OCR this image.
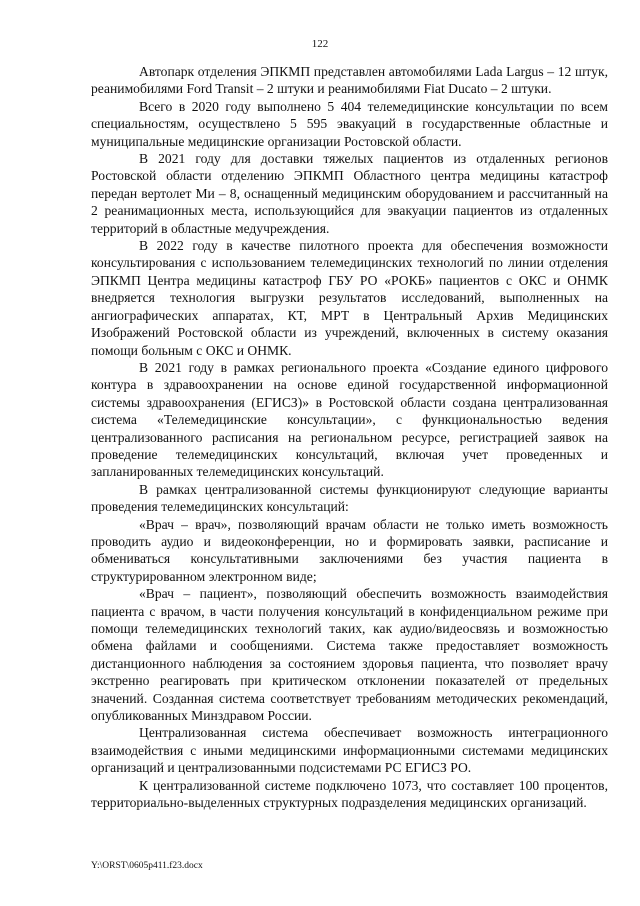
122

Автопарк отделения ЭПКМП представлен автомобилями Lada Largus – 12 штук, реанимобилями Ford Transit – 2 штуки и реанимобилями Fiat Ducato – 2 штуки.

Всего в 2020 году выполнено 5 404 телемедицинские консультации по всем специальностям, осуществлено 5 595 эвакуаций в государственные областные и муниципальные медицинские организации Ростовской области.

В 2021 году для доставки тяжелых пациентов из отдаленных регионов Ростовской области отделению ЭПКМП Областного центра медицины катастроф передан вертолет Ми – 8, оснащенный медицинским оборудованием и рассчитанный на 2 реанимационных места, использующийся для эвакуации пациентов из отдаленных территорий в областные медучреждения.

В 2022 году в качестве пилотного проекта для обеспечения возможности консультирования с использованием телемедицинских технологий по линии отделения ЭПКМП Центра медицины катастроф ГБУ РО «РОКБ» пациентов с ОКС и ОНМК внедряется технология выгрузки результатов исследований, выполненных на ангиографических аппаратах, КТ, МРТ в Центральный Архив Медицинских Изображений Ростовской области из учреждений, включенных в систему оказания помощи больным с ОКС и ОНМК.

В 2021 году в рамках регионального проекта «Создание единого цифрового контура в здравоохранении на основе единой государственной информационной системы здравоохранения (ЕГИСЗ)» в Ростовской области создана централизованная система «Телемедицинские консультации», с функциональностью ведения централизованного расписания на региональном ресурсе, регистрацией заявок на проведение телемедицинских консультаций, включая учет проведенных и запланированных телемедицинских консультаций.

В рамках централизованной системы функционируют следующие варианты проведения телемедицинских консультаций:

«Врач – врач», позволяющий врачам области не только иметь возможность проводить аудио и видеоконференции, но и формировать заявки, расписание и обмениваться консультативными заключениями без участия пациента в структурированном электронном виде;

«Врач – пациент», позволяющий обеспечить возможность взаимодействия пациента с врачом, в части получения консультаций в конфиденциальном режиме при помощи телемедицинских технологий таких, как аудио/видеосвязь и возможностью обмена файлами и сообщениями. Система также предоставляет возможность дистанционного наблюдения за состоянием здоровья пациента, что позволяет врачу экстренно реагировать при критическом отклонении показателей от предельных значений. Созданная система соответствует требованиям методических рекомендаций, опубликованных Минздравом России.

Централизованная система обеспечивает возможность интеграционного взаимодействия с иными медицинскими информационными системами медицинских организаций и централизованными подсистемами РС ЕГИСЗ РО.

К централизованной системе подключено 1073, что составляет 100 процентов, территориально-выделенных структурных подразделения медицинских организаций.

Y:\ORST\0605p411.f23.docx
